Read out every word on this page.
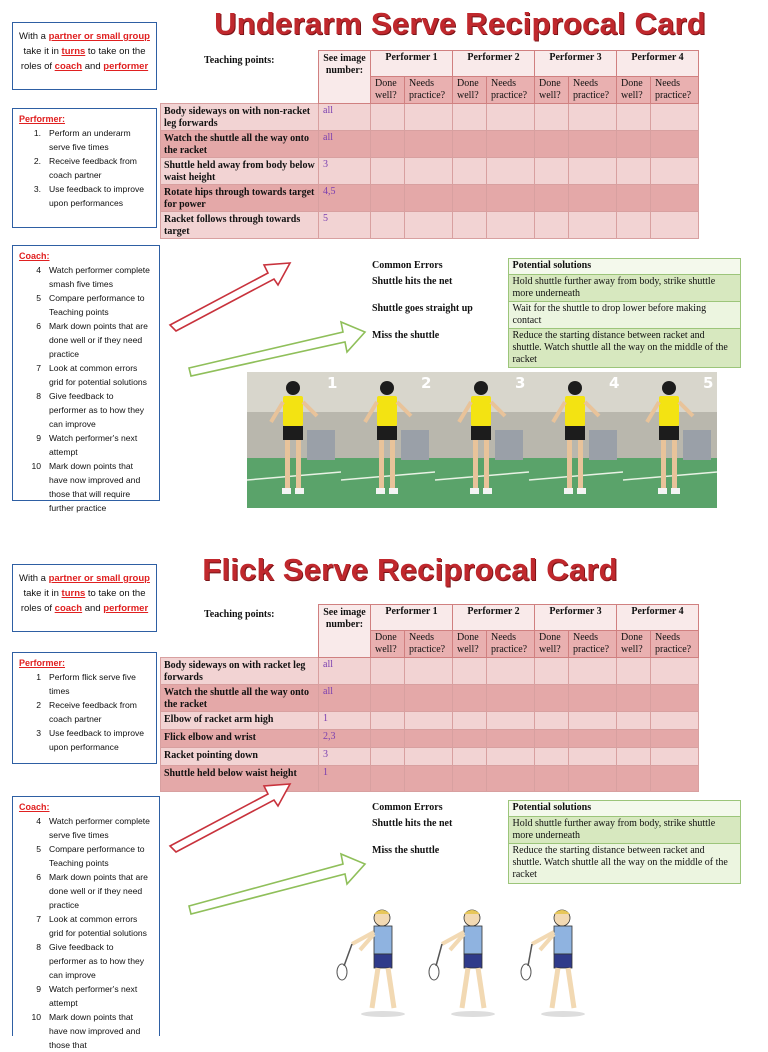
Underarm Serve Reciprocal Card
With a partner or small group take it in turns to take on the roles of coach and performer
Performer:
1. Perform an underarm serve five times
2. Receive feedback from coach partner
3. Use feedback to improve upon performances
Coach:
4 Watch performer complete smash five times
5 Compare performance to Teaching points
6 Mark down points that are done well or if they need practice
7 Look at common errors grid for potential solutions
8 Give feedback to performer as to how they can improve
9 Watch performer's next attempt
10 Mark down points that have now improved and those that will require further practice
Teaching points:	See image number:	Performer 1		Performer 2		Performer 3		Performer 4	
		Done well?	Needs practice?	Done well?	Needs practice?	Done well?	Needs practice?	Done well?	Needs practice?
Body sideways on with non-racket leg forwards	all								
Watch the shuttle all the way onto the racket	all								
Shuttle held away from body below waist height	3								
Rotate hips through towards target for power	4,5								
Racket follows through towards target	5								
Common Errors	Potential solutions
Shuttle hits the net	Hold shuttle further away from body, strike shuttle more underneath
Shuttle goes straight up	Wait for the shuttle to drop lower before making contact
Miss the shuttle	Reduce the starting distance between racket and shuttle. Watch shuttle all the way on the middle of the racket
1	2	3	4	5
Flick Serve Reciprocal Card
With a partner or small group take it in turns to take on the roles of coach and performer
Performer:
1 Perform flick serve five times
2 Receive feedback from coach partner
3 Use feedback to improve upon performance
Coach:
4 Watch performer complete serve five times
5 Compare performance to Teaching points
6 Mark down points that are done well or if they need practice
7 Look at common errors grid for potential solutions
8 Give feedback to performer as to how they can improve
9 Watch performer's next attempt
10 Mark down points that have now improved and those that
Teaching points:	See image number:	Performer 1		Performer 2		Performer 3		Performer 4	
		Done well?	Needs practice?	Done well?	Needs practice?	Done well?	Needs practice?	Done well?	Needs practice?
Body sideways on with racket leg forwards	all								
Watch the shuttle all the way onto the racket	all								
Elbow of racket arm high	1								
Flick elbow and wrist	2,3								
Racket pointing down	3								
Shuttle held below waist height	1								
Common Errors	Potential solutions
Shuttle hits the net	Hold shuttle further away from body, strike shuttle more underneath
Miss the shuttle	Reduce the starting distance between racket and shuttle. Watch shuttle all the way on the middle of the racket
